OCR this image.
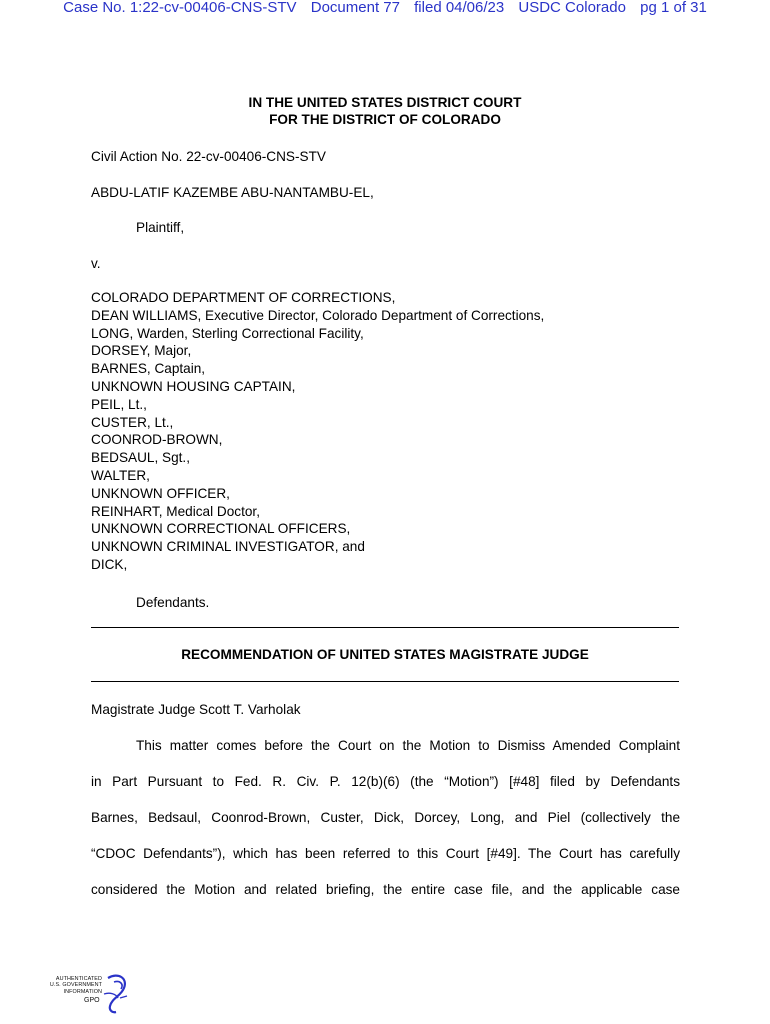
Case No. 1:22-cv-00406-CNS-STV Document 77 filed 04/06/23 USDC Colorado pg 1 of 31
IN THE UNITED STATES DISTRICT COURT
FOR THE DISTRICT OF COLORADO
Civil Action No. 22-cv-00406-CNS-STV
ABDU-LATIF KAZEMBE ABU-NANTAMBU-EL,
Plaintiff,
v.
COLORADO DEPARTMENT OF CORRECTIONS,
DEAN WILLIAMS, Executive Director, Colorado Department of Corrections,
LONG, Warden, Sterling Correctional Facility,
DORSEY, Major,
BARNES, Captain,
UNKNOWN HOUSING CAPTAIN,
PEIL, Lt.,
CUSTER, Lt.,
COONROD-BROWN,
BEDSAUL, Sgt.,
WALTER,
UNKNOWN OFFICER,
REINHART, Medical Doctor,
UNKNOWN CORRECTIONAL OFFICERS,
UNKNOWN CRIMINAL INVESTIGATOR, and
DICK,
Defendants.
RECOMMENDATION OF UNITED STATES MAGISTRATE JUDGE
Magistrate Judge Scott T. Varholak
This matter comes before the Court on the Motion to Dismiss Amended Complaint
in Part Pursuant to Fed. R. Civ. P. 12(b)(6) (the “Motion”) [#48] filed by Defendants
Barnes, Bedsaul, Coonrod-Brown, Custer, Dick, Dorcey, Long, and Piel (collectively the
“CDOC Defendants”), which has been referred to this Court [#49]. The Court has carefully
considered the Motion and related briefing, the entire case file, and the applicable case
AUTHENTICATED
U.S. GOVERNMENT
INFORMATION
GPO
